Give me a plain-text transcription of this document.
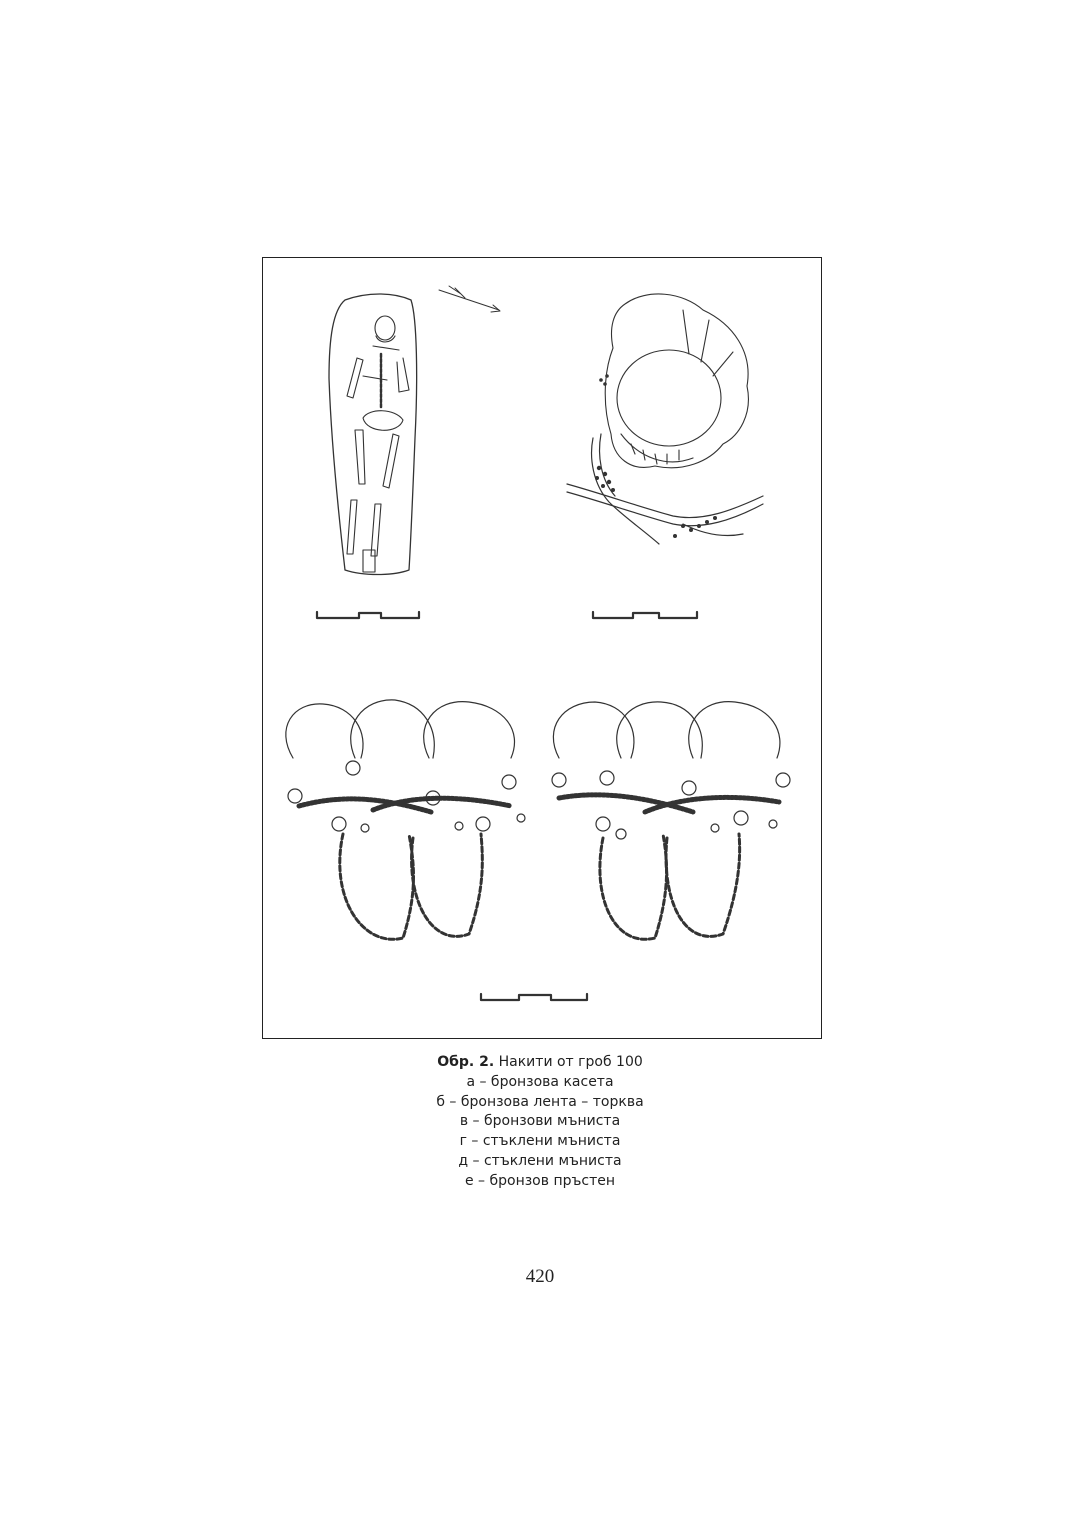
Обр. 2. Накити от гроб 100
а – бронзова касета
б – бронзова лента – торква
в – бронзови мъниста
г – стъклени мъниста
д – стъклени мъниста
е – бронзов пръстен
420
